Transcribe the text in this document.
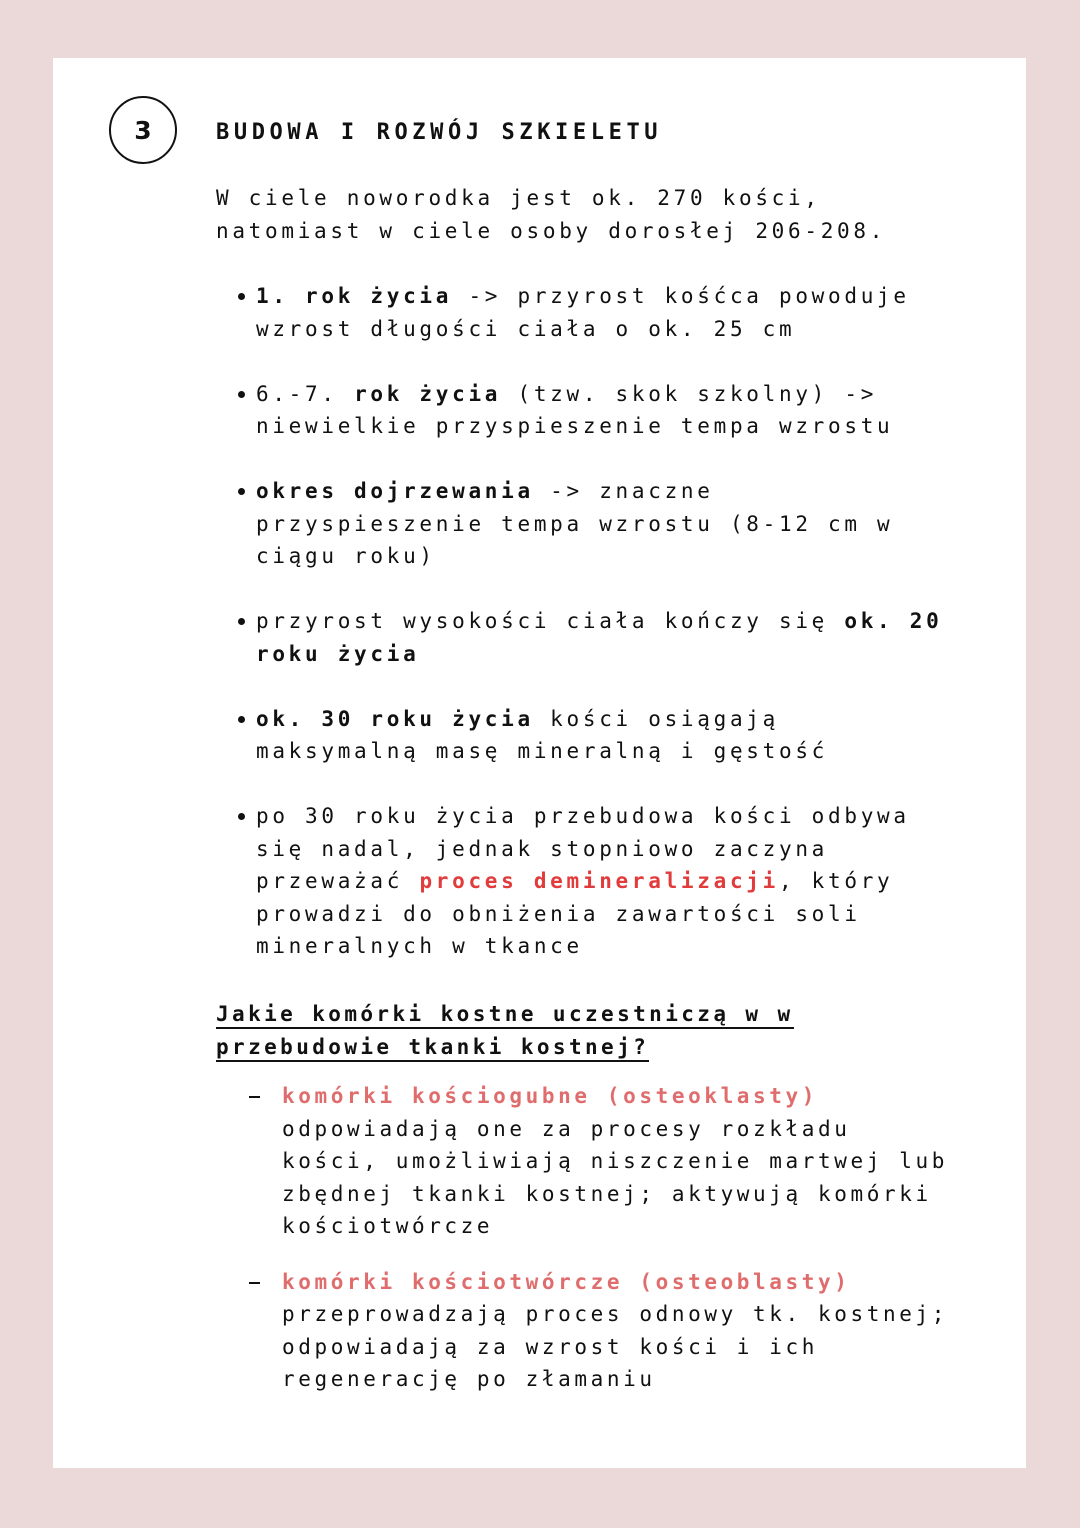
3	BUDOWA I ROZWÓJ SZKIELETU
W ciele noworodka jest ok. 270 kości,
natomiast w ciele osoby dorosłej 206-208.
1. rok życia -> przyrost kośćca powoduje
wzrost długości ciała o ok. 25 cm
6.-7. rok życia (tzw. skok szkolny) ->
niewielkie przyspieszenie tempa wzrostu
okres dojrzewania -> znaczne
przyspieszenie tempa wzrostu (8-12 cm w
ciągu roku)
przyrost wysokości ciała kończy się ok. 20
roku życia
ok. 30 roku życia kości osiągają
maksymalną masę mineralną i gęstość
po 30 roku życia przebudowa kości odbywa
się nadal, jednak stopniowo zaczyna
przeważać proces demineralizacji, który
prowadzi do obniżenia zawartości soli
mineralnych w tkance
Jakie komórki kostne uczestniczą w w
przebudowie tkanki kostnej?
komórki kościogubne (osteoklasty)
odpowiadają one za procesy rozkładu
kości, umożliwiają niszczenie martwej lub
zbędnej tkanki kostnej; aktywują komórki
kościotwórcze
komórki kościotwórcze (osteoblasty)
przeprowadzają proces odnowy tk. kostnej;
odpowiadają za wzrost kości i ich
regenerację po złamaniu
